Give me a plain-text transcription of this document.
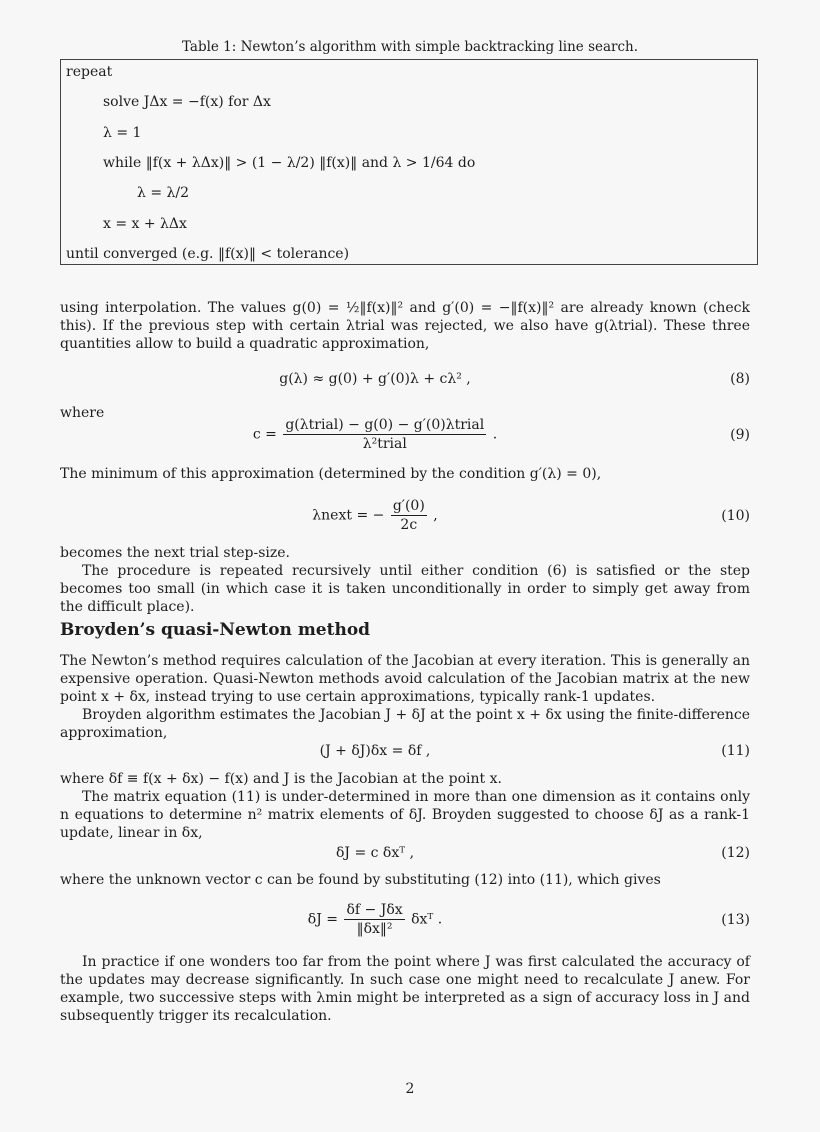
Table 1: Newton’s algorithm with simple backtracking line search.
repeat
solve JΔx = −f(x) for Δx
λ = 1
while ‖f(x + λΔx)‖ > (1 − λ/2) ‖f(x)‖ and λ > 1/64 do
λ = λ/2
x = x + λΔx
until converged (e.g. ‖f(x)‖ < tolerance)

using interpolation. The values g(0) = ½‖f(x)‖² and g′(0) = −‖f(x)‖² are already known (check this). If the previous step with certain λtrial was rejected, we also have g(λtrial). These three quantities allow to build a quadratic approximation,

g(λ) ≈ g(0) + g′(0)λ + cλ² ,	(8)
where
$c = \frac{\text{g(λtrial) − g(0) − g′(0)λtrial}}{\text{λ²trial}}$ .	(9)
The minimum of this approximation (determined by the condition g′(λ) = 0),
λnext = − $\frac{g'(0)}{2c}$ ,	(10)

becomes the next trial step-size.

The procedure is repeated recursively until either condition (6) is satisfied or the step becomes too small (in which case it is taken unconditionally in order to simply get away from the difficult place).

Broyden’s quasi-Newton method

The Newton’s method requires calculation of the Jacobian at every iteration. This is generally an expensive operation. Quasi-Newton methods avoid calculation of the Jacobian matrix at the new point x + δx, instead trying to use certain approximations, typically rank-1 updates.

Broyden algorithm estimates the Jacobian J + δJ at the point x + δx using the finite-difference approximation,

(J + δJ)δx = δf ,	(11)

where δf ≡ f(x + δx) − f(x) and J is the Jacobian at the point x.

The matrix equation (11) is under-determined in more than one dimension as it contains only n equations to determine n² matrix elements of δJ. Broyden suggested to choose δJ as a rank-1 update, linear in δx,

δJ = c δxᵀ ,	(12)
where the unknown vector c can be found by substituting (12) into (11), which gives
$\delta J = \frac{\text{δf − Jδx}}{\text{‖δx‖²}}$ δxᵀ .	(13)

In practice if one wonders too far from the point where J was first calculated the accuracy of the updates may decrease significantly. In such case one might need to recalculate J anew. For example, two successive steps with λmin might be interpreted as a sign of accuracy loss in J and subsequently trigger its recalculation.

2
